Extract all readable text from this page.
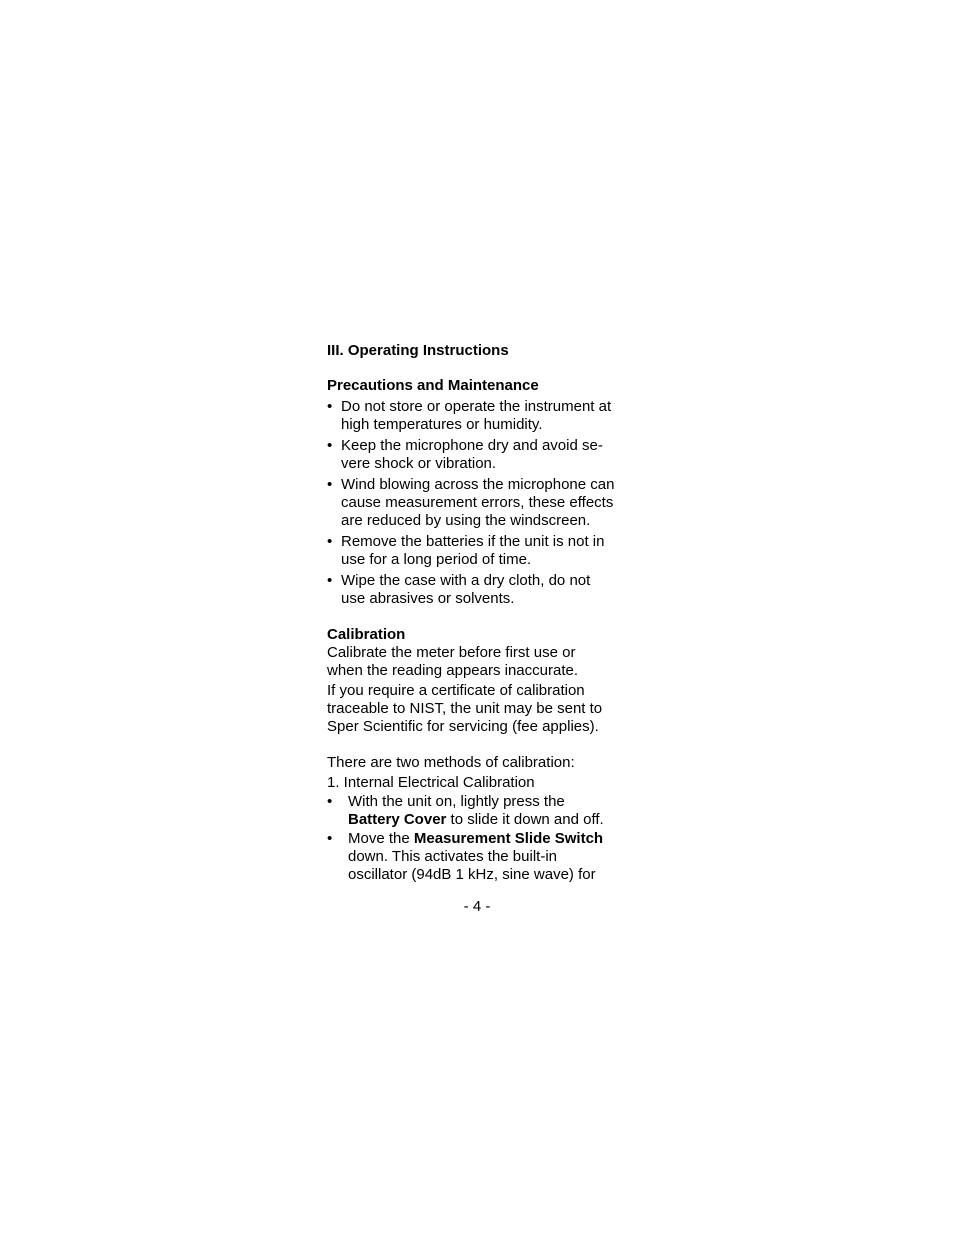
III. Operating Instructions
Precautions and Maintenance
• Do not store or operate the instrument at
high temperatures or humidity.
• Keep the microphone dry and avoid se-
vere shock or vibration.
• Wind blowing across the microphone can
cause measurement errors, these effects
are reduced by using the windscreen.
• Remove the batteries if the unit is not in
use for a long period of time.
• Wipe the case with a dry cloth, do not
use abrasives or solvents.
Calibration

Calibrate the meter before first use or
when the reading appears inaccurate.

If you require a certificate of calibration
traceable to NIST, the unit may be sent to
Sper Scientific for servicing (fee applies).

There are two methods of calibration:

1. Internal Electrical Calibration
• With the unit on, lightly press the
Battery Cover to slide it down and off.
• Move the Measurement Slide Switch
down. This activates the built-in
oscillator (94dB 1 kHz, sine wave) for
- 4 -
